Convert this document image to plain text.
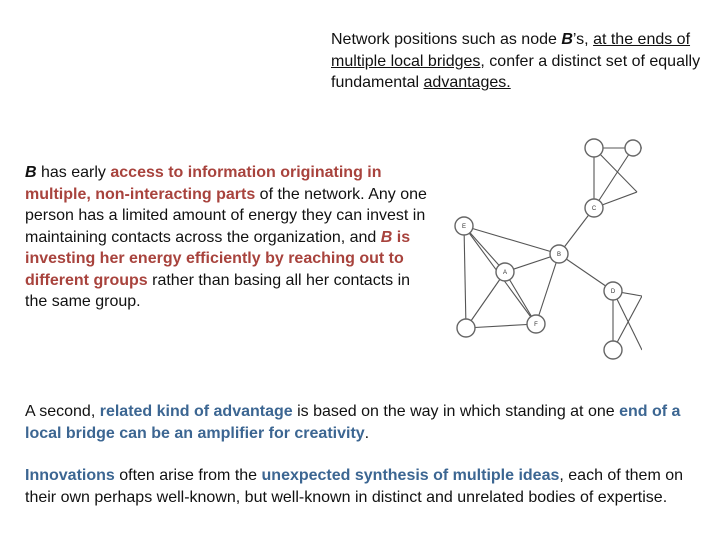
Network positions such as node B’s, at the ends of multiple local bridges, confer a distinct set of equally fundamental advantages.
B has early access to information originating in multiple, non-interacting parts of the network. Any one person has a limited amount of energy they can invest in maintaining contacts across the organization, and B is investing her energy efficiently by reaching out to different groups rather than basing all her contacts in the same group.
C
E
A
F
B
D
A second, related kind of advantage is based on the way in which standing at one end of a local bridge can be an amplifier for creativity.
Innovations often arise from the unexpected synthesis of multiple ideas, each of them on their own perhaps well-known, but well-known in distinct and unrelated bodies of expertise.
